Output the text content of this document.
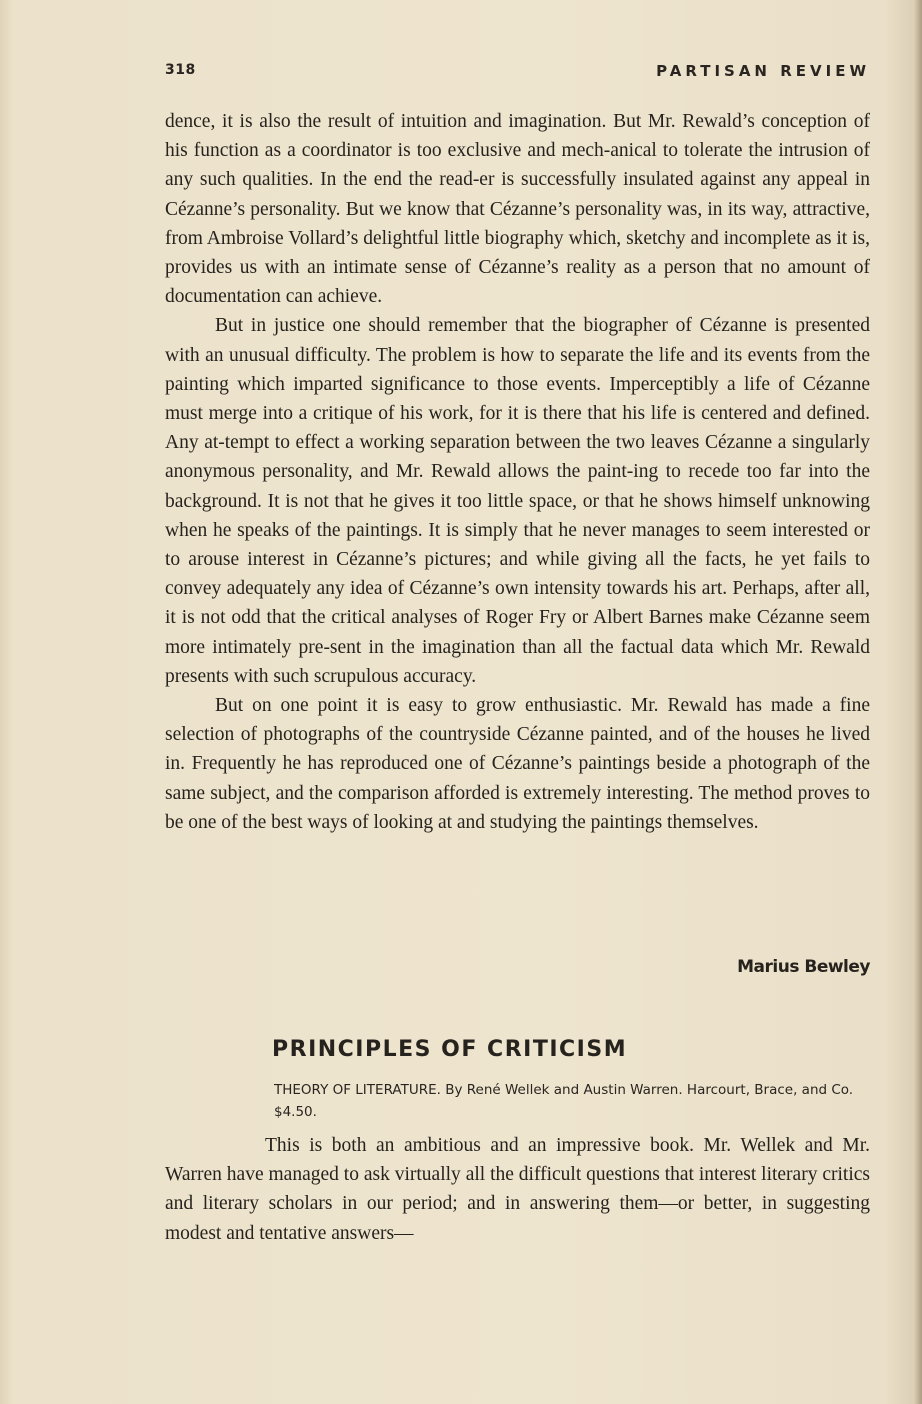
318	PARTISAN REVIEW

dence, it is also the result of intuition and imagination. But Mr. Rewald’s conception of his function as a coordinator is too exclusive and mech-anical to tolerate the intrusion of any such qualities. In the end the read-er is successfully insulated against any appeal in Cézanne’s personality. But we know that Cézanne’s personality was, in its way, attractive, from Ambroise Vollard’s delightful little biography which, sketchy and incomplete as it is, provides us with an intimate sense of Cézanne’s reality as a person that no amount of documentation can achieve.

But in justice one should remember that the biographer of Cézanne is presented with an unusual difficulty. The problem is how to separate the life and its events from the painting which imparted significance to those events. Imperceptibly a life of Cézanne must merge into a critique of his work, for it is there that his life is centered and defined. Any at-tempt to effect a working separation between the two leaves Cézanne a singularly anonymous personality, and Mr. Rewald allows the paint-ing to recede too far into the background. It is not that he gives it too little space, or that he shows himself unknowing when he speaks of the paintings. It is simply that he never manages to seem interested or to arouse interest in Cézanne’s pictures; and while giving all the facts, he yet fails to convey adequately any idea of Cézanne’s own intensity towards his art. Perhaps, after all, it is not odd that the critical analyses of Roger Fry or Albert Barnes make Cézanne seem more intimately pre-sent in the imagination than all the factual data which Mr. Rewald presents with such scrupulous accuracy.

But on one point it is easy to grow enthusiastic. Mr. Rewald has made a fine selection of photographs of the countryside Cézanne painted, and of the houses he lived in. Frequently he has reproduced one of Cézanne’s paintings beside a photograph of the same subject, and the comparison afforded is extremely interesting. The method proves to be one of the best ways of looking at and studying the paintings themselves.

Marius Bewley
PRINCIPLES OF CRITICISM
THEORY OF LITERATURE. By René Wellek and Austin Warren. Harcourt, Brace, and Co. $4.50.

This is both an ambitious and an impressive book. Mr. Wellek and Mr. Warren have managed to ask virtually all the difficult questions that interest literary critics and literary scholars in our period; and in answering them—or better, in suggesting modest and tentative answers—
